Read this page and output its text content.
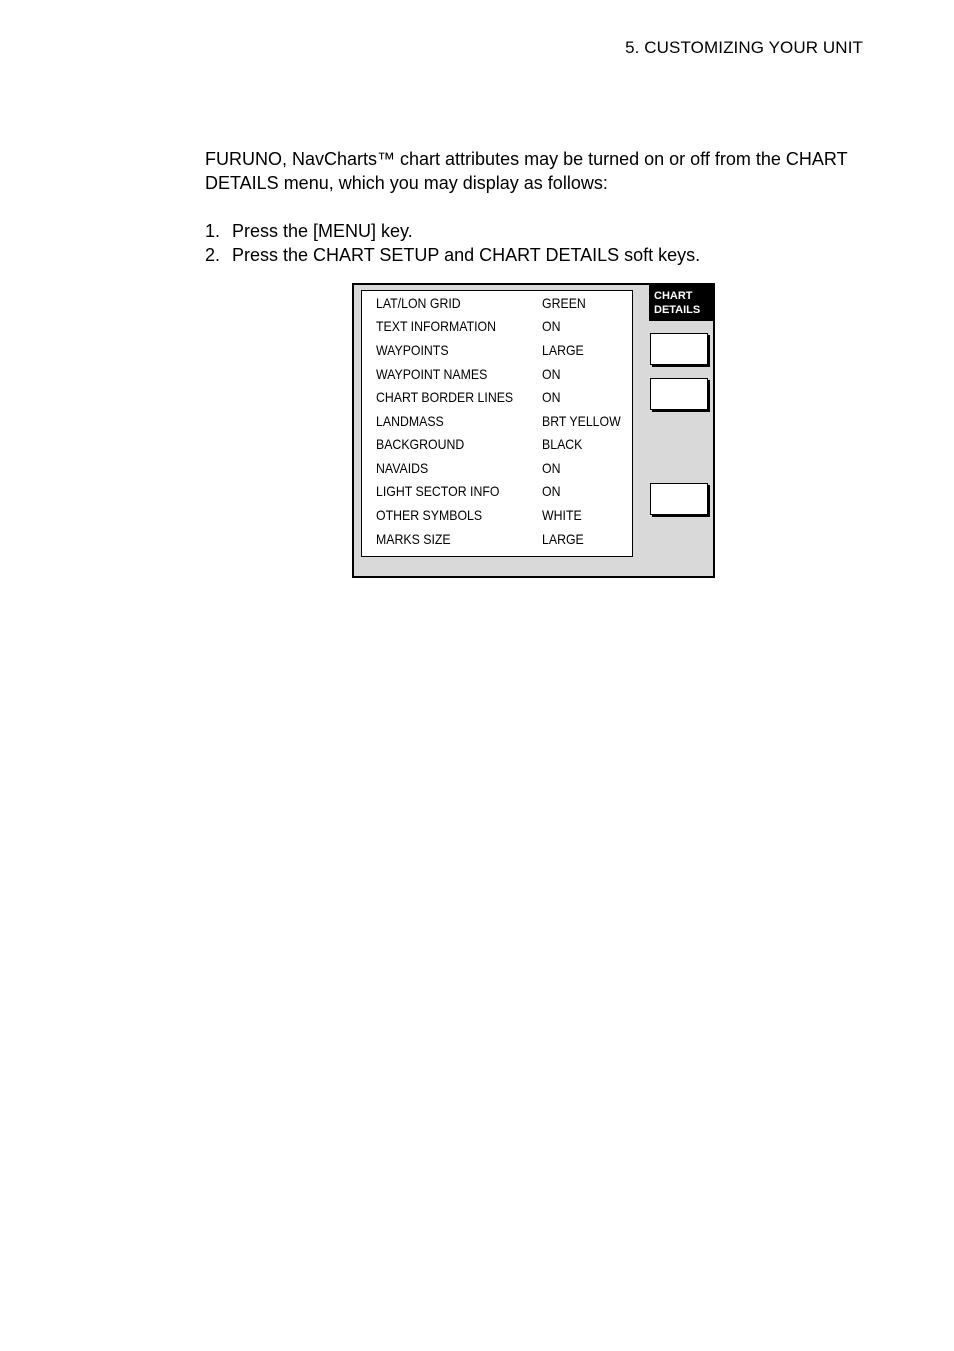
5. CUSTOMIZING YOUR UNIT

FURUNO, NavCharts™ chart attributes may be turned on or off from the CHART DETAILS menu, which you may display as follows:

1. Press the [MENU] key.
2. Press the CHART SETUP and CHART DETAILS soft keys.
LAT/LON GRID	GREEN
TEXT INFORMATION	ON
WAYPOINTS	LARGE
WAYPOINT NAMES	ON
CHART BORDER LINES ON
LANDMASS	BRT YELLOW
BACKGROUND	BLACK
NAVAIDS	ON
LIGHT SECTOR INFO	ON
OTHER SYMBOLS	WHITE
MARKS SIZE	LARGE
CHART
DETAILS
